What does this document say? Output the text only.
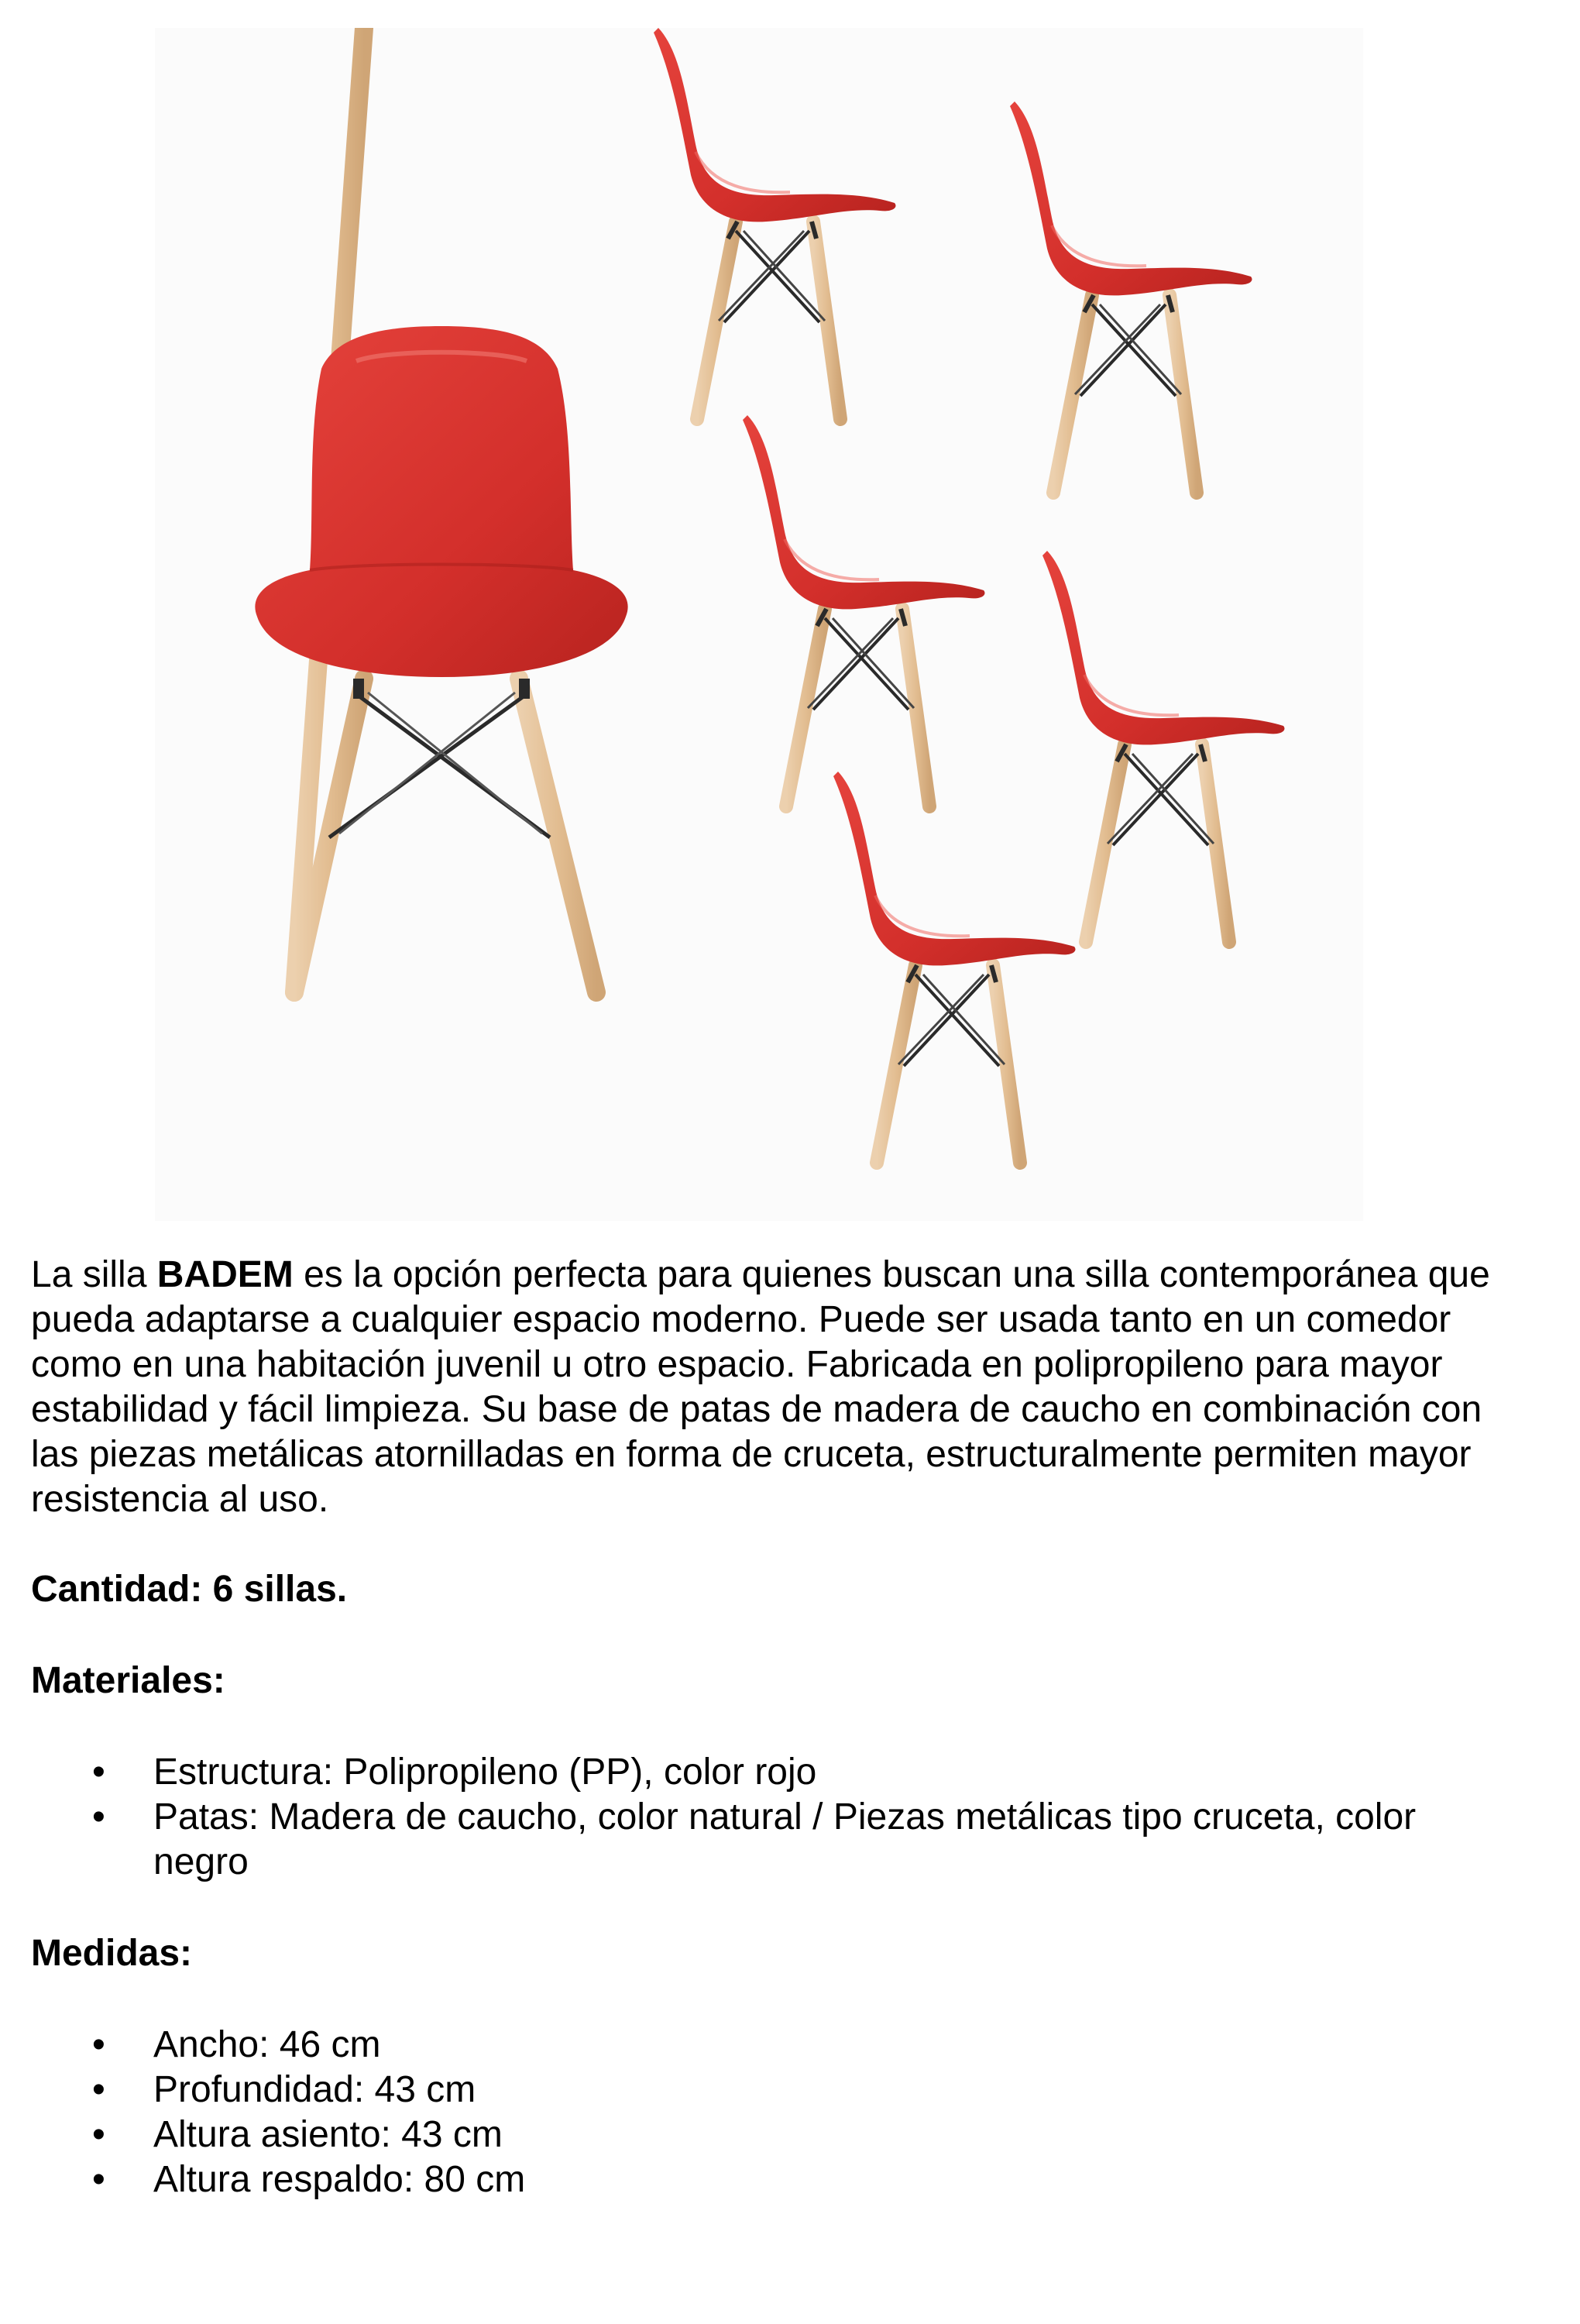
La silla BADEM es la opción perfecta para quienes buscan una silla contemporánea que pueda adaptarse a cualquier espacio moderno. Puede ser usada tanto en un comedor como en una habitación juvenil u otro espacio. Fabricada en polipropileno para mayor estabilidad y fácil limpieza. Su base de patas de madera de caucho en combinación con las piezas metálicas atornilladas en forma de cruceta, estructuralmente permiten mayor resistencia al uso.
Cantidad: 6 sillas.
Materiales:
• Estructura: Polipropileno (PP), color rojo
• Patas: Madera de caucho, color natural / Piezas metálicas tipo cruceta, color negro
Medidas:
• Ancho: 46 cm
• Profundidad: 43 cm
• Altura asiento: 43 cm
• Altura respaldo: 80 cm
